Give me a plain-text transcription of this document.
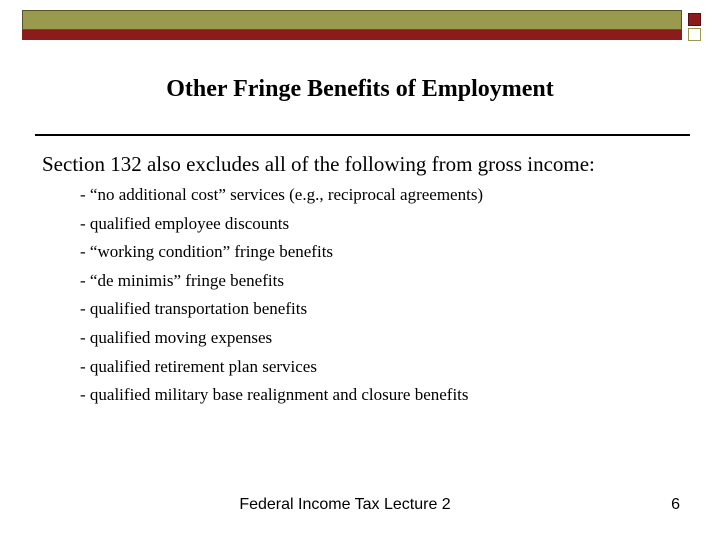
Other Fringe Benefits of Employment
Section 132 also excludes all of the following from gross income:
- “no additional cost” services (e.g., reciprocal agreements)
- qualified employee discounts
- “working condition” fringe benefits
- “de minimis” fringe benefits
- qualified transportation benefits
- qualified moving expenses
- qualified retirement plan services
- qualified military base realignment and closure benefits
Federal Income Tax Lecture 2	6
